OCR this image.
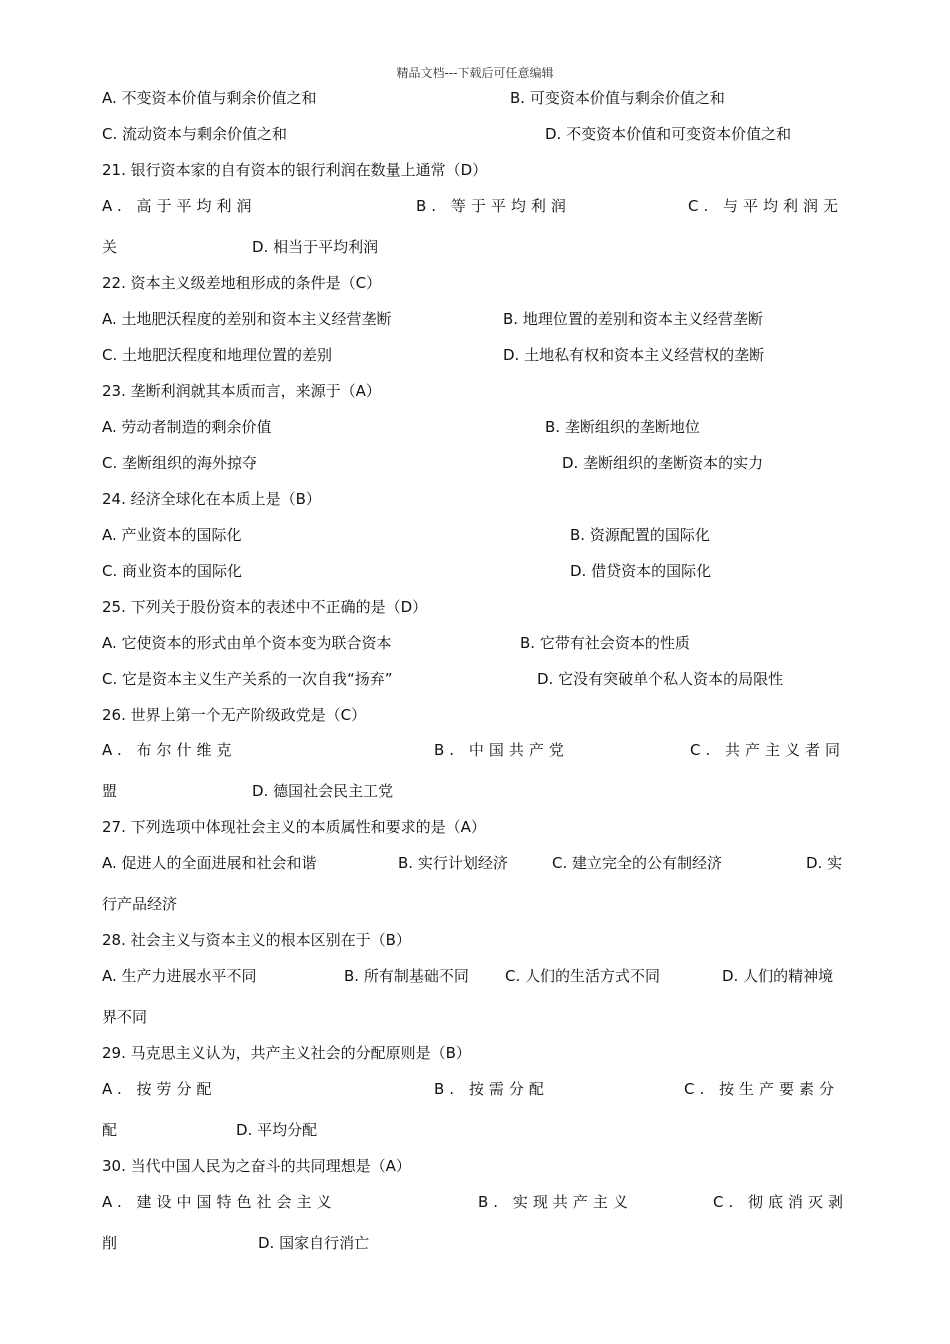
精品文档---下载后可任意编辑
A. 不变资本价值与剩余价值之和	B. 可变资本价值与剩余价值之和
C. 流动资本与剩余价值之和	D. 不变资本价值和可变资本价值之和
21. 银行资本家的自有资本的银行利润在数量上通常（D）
A. 高于平均利润	B. 等于平均利润	C. 与平均利润无
关	D. 相当于平均利润
22. 资本主义级差地租形成的条件是（C）
A. 土地肥沃程度的差别和资本主义经营垄断	B. 地理位置的差别和资本主义经营垄断
C. 土地肥沃程度和地理位置的差别	D. 土地私有权和资本主义经营权的垄断
23. 垄断利润就其本质而言，来源于（A）
A. 劳动者制造的剩余价值	B. 垄断组织的垄断地位
C. 垄断组织的海外掠夺	D. 垄断组织的垄断资本的实力
24. 经济全球化在本质上是（B）
A. 产业资本的国际化	B. 资源配置的国际化
C. 商业资本的国际化	D. 借贷资本的国际化
25. 下列关于股份资本的表述中不正确的是（D）
A. 它使资本的形式由单个资本变为联合资本	B. 它带有社会资本的性质
C. 它是资本主义生产关系的一次自我“扬弃”	D. 它没有突破单个私人资本的局限性
26. 世界上第一个无产阶级政党是（C）
A. 布尔什维克	B. 中国共产党	C. 共产主义者同
盟	D. 德国社会民主工党
27. 下列选项中体现社会主义的本质属性和要求的是（A）
A. 促进人的全面进展和社会和谐	B. 实行计划经济	C. 建立完全的公有制经济	D. 实
行产品经济
28. 社会主义与资本主义的根本区别在于（B）
A. 生产力进展水平不同	B. 所有制基础不同 C. 人们的生活方式不同	D. 人们的精神境
界不同
29. 马克思主义认为，共产主义社会的分配原则是（B）
A. 按劳分配	B. 按需分配	C. 按生产要素分
配	D. 平均分配
30. 当代中国人民为之奋斗的共同理想是（A）
A. 建设中国特色社会主义	B. 实现共产主义	C. 彻底消灭剥
削	D. 国家自行消亡
